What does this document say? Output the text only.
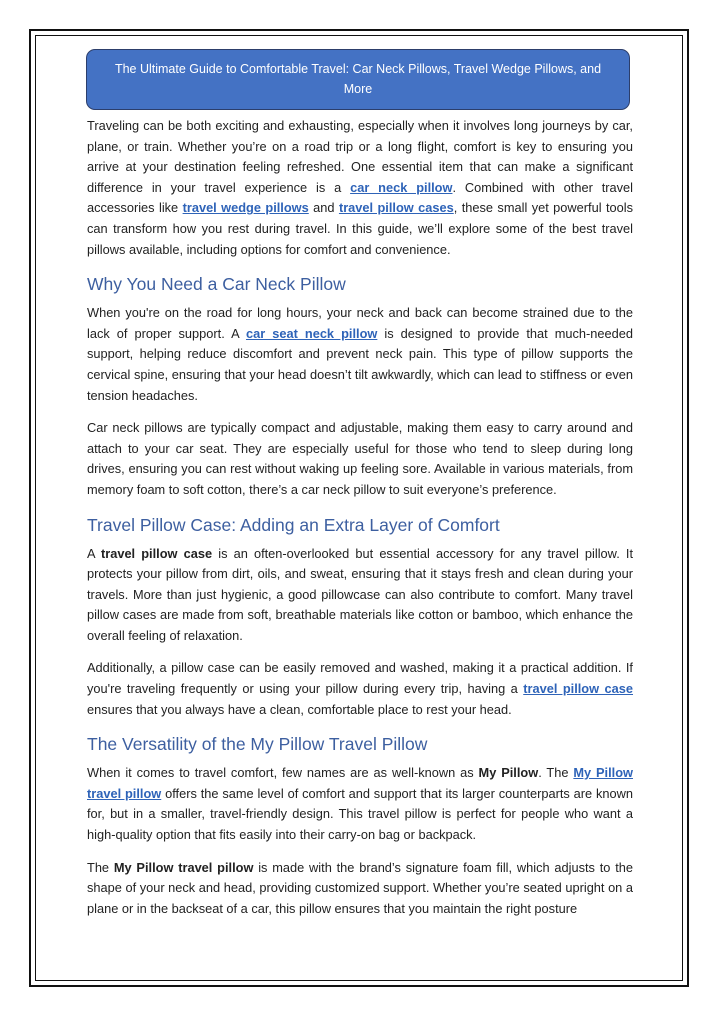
The Ultimate Guide to Comfortable Travel: Car Neck Pillows, Travel Wedge Pillows, and More

Traveling can be both exciting and exhausting, especially when it involves long journeys by car, plane, or train. Whether you’re on a road trip or a long flight, comfort is key to ensuring you arrive at your destination feeling refreshed. One essential item that can make a significant difference in your travel experience is a car neck pillow. Combined with other travel accessories like travel wedge pillows and travel pillow cases, these small yet powerful tools can transform how you rest during travel. In this guide, we’ll explore some of the best travel pillows available, including options for comfort and convenience.

Why You Need a Car Neck Pillow

When you're on the road for long hours, your neck and back can become strained due to the lack of proper support. A car seat neck pillow is designed to provide that much-needed support, helping reduce discomfort and prevent neck pain. This type of pillow supports the cervical spine, ensuring that your head doesn’t tilt awkwardly, which can lead to stiffness or even tension headaches.

Car neck pillows are typically compact and adjustable, making them easy to carry around and attach to your car seat. They are especially useful for those who tend to sleep during long drives, ensuring you can rest without waking up feeling sore. Available in various materials, from memory foam to soft cotton, there’s a car neck pillow to suit everyone’s preference.

Travel Pillow Case: Adding an Extra Layer of Comfort

A travel pillow case is an often-overlooked but essential accessory for any travel pillow. It protects your pillow from dirt, oils, and sweat, ensuring that it stays fresh and clean during your travels. More than just hygienic, a good pillowcase can also contribute to comfort. Many travel pillow cases are made from soft, breathable materials like cotton or bamboo, which enhance the overall feeling of relaxation.

Additionally, a pillow case can be easily removed and washed, making it a practical addition. If you're traveling frequently or using your pillow during every trip, having a travel pillow case ensures that you always have a clean, comfortable place to rest your head.

The Versatility of the My Pillow Travel Pillow

When it comes to travel comfort, few names are as well-known as My Pillow. The My Pillow travel pillow offers the same level of comfort and support that its larger counterparts are known for, but in a smaller, travel-friendly design. This travel pillow is perfect for people who want a high-quality option that fits easily into their carry-on bag or backpack.

The My Pillow travel pillow is made with the brand’s signature foam fill, which adjusts to the shape of your neck and head, providing customized support. Whether you’re seated upright on a plane or in the backseat of a car, this pillow ensures that you maintain the right posture
